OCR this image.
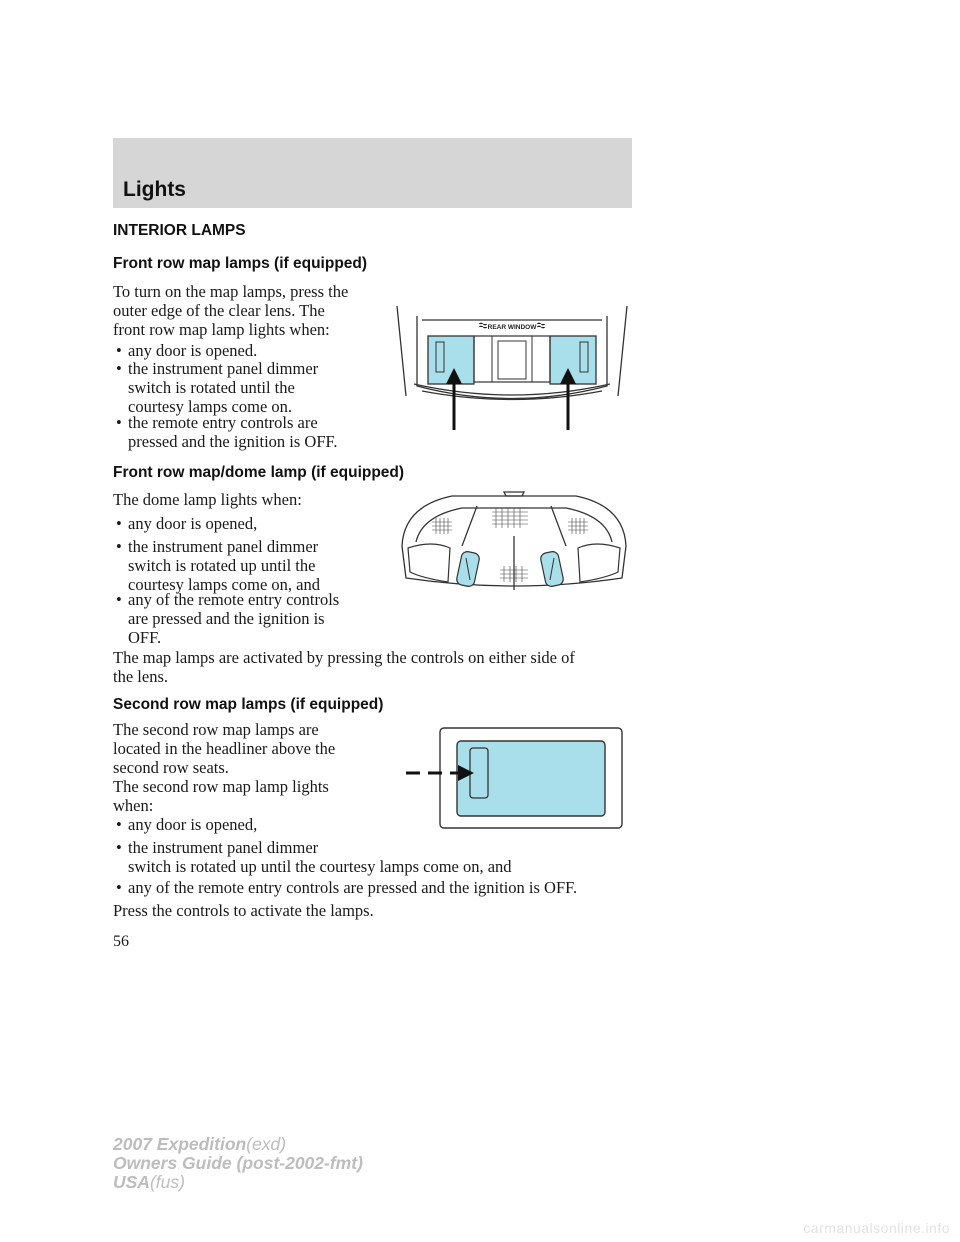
Lights
INTERIOR LAMPS
Front row map lamps (if equipped)
To turn on the map lamps, press the
outer edge of the clear lens. The
front row map lamp lights when:
• any door is opened.
• the instrument panel dimmer
switch is rotated until the
courtesy lamps come on.
• the remote entry controls are
pressed and the ignition is OFF.
REAR WINDOW
Front row map/dome lamp (if equipped)
The dome lamp lights when:
• any door is opened,
• the instrument panel dimmer
switch is rotated up until the
courtesy lamps come on, and
• any of the remote entry controls
are pressed and the ignition is
OFF.
The map lamps are activated by pressing the controls on either side of
the lens.
Second row map lamps (if equipped)
The second row map lamps are
located in the headliner above the
second row seats.
The second row map lamp lights
when:
• any door is opened,
• the instrument panel dimmer
switch is rotated up until the courtesy lamps come on, and
• any of the remote entry controls are pressed and the ignition is OFF.
Press the controls to activate the lamps.
56
2007 Expedition(exd)
Owners Guide (post-2002-fmt)
USA(fus)
carmanualsonline.info
